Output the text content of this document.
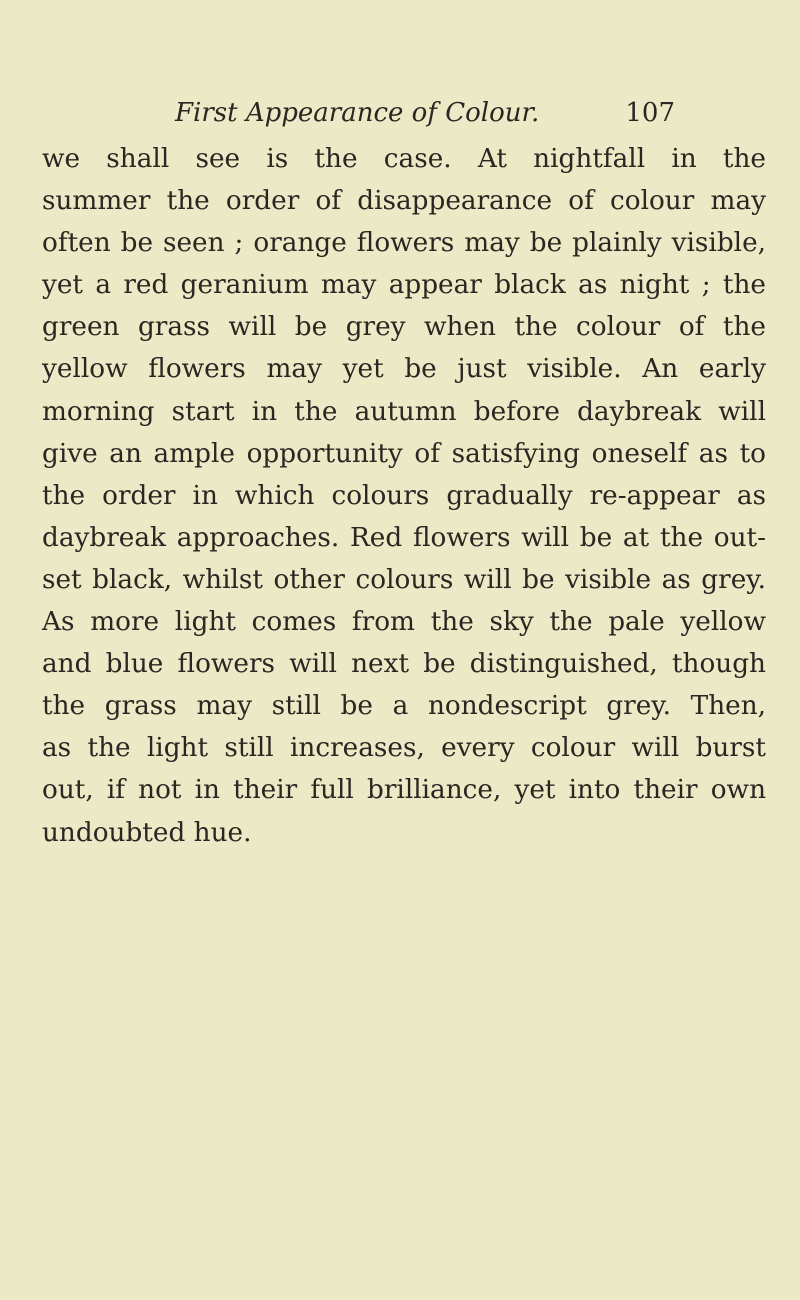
First Appearance of Colour.	107
we shall see is the case. At nightfall in the
summer the order of disappearance of colour may
often be seen ; orange flowers may be plainly visible,
yet a red geranium may appear black as night ; the
green grass will be grey when the colour of the
yellow flowers may yet be just visible. An early
morning start in the autumn before daybreak will
give an ample opportunity of satisfying oneself as to
the order in which colours gradually re-appear as
daybreak approaches. Red flowers will be at the out-
set black, whilst other colours will be visible as grey.
As more light comes from the sky the pale yellow
and blue flowers will next be distinguished, though
the grass may still be a nondescript grey. Then,
as the light still increases, every colour will burst
out, if not in their full brilliance, yet into their own
undoubted hue.
